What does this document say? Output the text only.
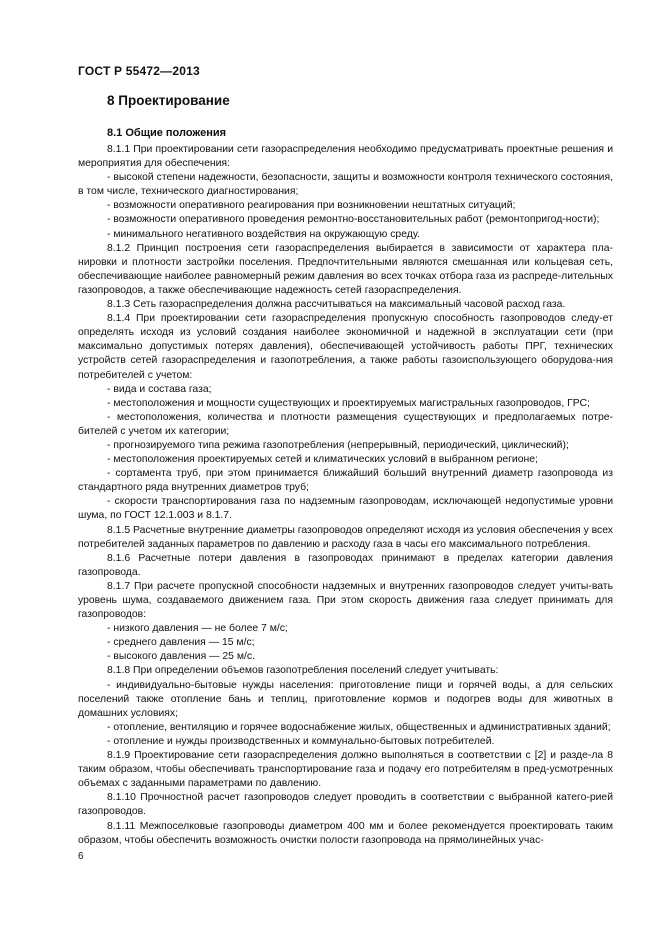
ГОСТ Р 55472—2013
8 Проектирование
8.1 Общие положения

8.1.1 При проектировании сети газораспределения необходимо предусматривать проектные решения и мероприятия для обеспечения:

- высокой степени надежности, безопасности, защиты и возможности контроля технического состояния, в том числе, технического диагностирования;

- возможности оперативного реагирования при возникновении нештатных ситуаций;

- возможности оперативного проведения ремонтно-восстановительных работ (ремонтопригод-ности);

- минимального негативного воздействия на окружающую среду.

8.1.2 Принцип построения сети газораспределения выбирается в зависимости от характера пла-нировки и плотности застройки поселения. Предпочтительными являются смешанная или кольцевая сеть, обеспечивающие наиболее равномерный режим давления во всех точках отбора газа из распреде-лительных газопроводов, а также обеспечивающие надежность сетей газораспределения.

8.1.3 Cеть газораспределения должна рассчитываться на максимальный часовой расход газа.

8.1.4 При проектировании сети газораспределения пропускную способность газопроводов следу-ет определять исходя из условий создания наиболее экономичной и надежной в эксплуатации сети (при максимально допустимых потерях давления), обеспечивающей устойчивость работы ПРГ, технических устройств сетей газораспределения и газопотребления, а также работы газоиспользующего оборудова-ния потребителей с учетом:

- вида и состава газа;

- местоположения и мощности существующих и проектируемых магистральных газопроводов, ГРС;

- местоположения, количества и плотности размещения существующих и предполагаемых потре-бителей с учетом их категории;

- прогнозируемого типа режима газопотребления (непрерывный, периодический, циклический);

- местоположения проектируемых сетей и климатических условий в выбранном регионе;

- сортамента труб, при этом принимается ближайший больший внутренний диаметр газопровода из стандартного ряда внутренних диаметров труб;

- скорости транспортирования газа по надземным газопроводам, исключающей недопустимые уровни шума, по ГОСТ 12.1.003 и 8.1.7.

8.1.5 Расчетные внутренние диаметры газопроводов определяют исходя из условия обеспечения у всех потребителей заданных параметров по давлению и расходу газа в часы его максимального потребления.

8.1.6 Расчетные потери давления в газопроводах принимают в пределах категории давления газопровода.

8.1.7 При расчете пропускной способности надземных и внутренних газопроводов следует учиты-вать уровень шума, создаваемого движением газа. При этом скорость движения газа следует принимать для газопроводов:

- низкого давления — не более 7 м/с;

- среднего давления — 15 м/с;

- высокого давления — 25 м/с.

8.1.8 При определении объемов газопотребления поселений следует учитывать:

- индивидуально-бытовые нужды населения: приготовление пищи и горячей воды, а для сельских поселений также отопление бань и теплиц, приготовление кормов и подогрев воды для животных в домашних условиях;

- отопление, вентиляцию и горячее водоснабжение жилых, общественных и административных зданий;

- отопление и нужды производственных и коммунально-бытовых потребителей.

8.1.9 Проектирование сети газораспределения должно выполняться в соответствии с [2] и разде-ла 8 таким образом, чтобы обеспечивать транспортирование газа и подачу его потребителям в пред-усмотренных объемах с заданными параметрами по давлению.

8.1.10 Прочностной расчет газопроводов следует проводить в соответствии с выбранной катего-рией газопроводов.

8.1.11 Межпоселковые газопроводы диаметром 400 мм и более рекомендуется проектировать таким образом, чтобы обеспечить возможность очистки полости газопровода на прямолинейных учас-

6
